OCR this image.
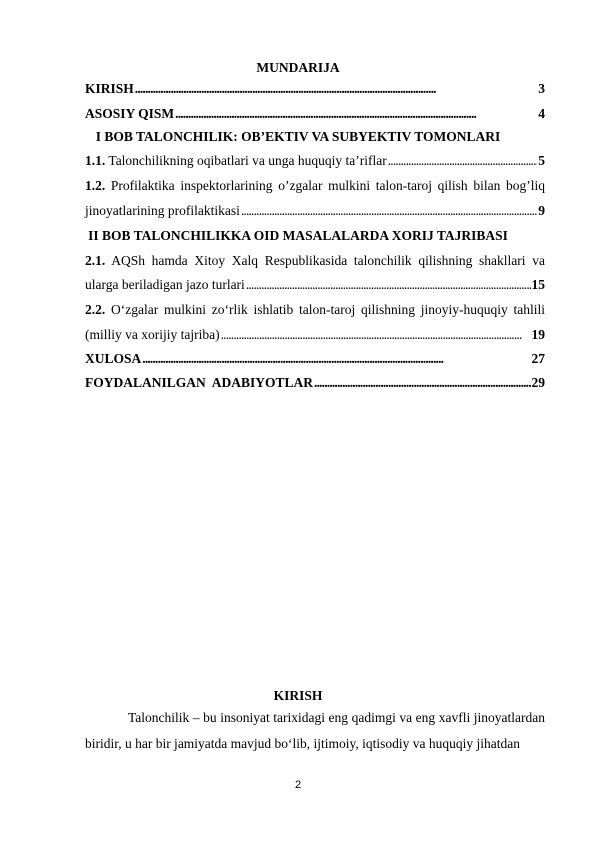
MUNDARIJA
KIRISH . . .	3
ASOSIY QISM . . .	4
I BOB TALONCHILIK: OB’EKTIV VA SUBYEKTIV TOMONLARI
1.1. Talonchilikning oqibatlari va unga huquqiy ta’riflar . . .	5
1.2. Profilaktika inspektorlarining o’zgalar mulkini talon-taroj qilish bilan bog’liq
jinoyatlarining profilaktikasi . . .	9
II BOB TALONCHILIKKA OID MASALALARDA XORIJ TAJRIBASI
2.1. AQSh hamda Xitoy Xalq Respublikasida talonchilik qilishning shakllari va
ularga beriladigan jazo turlari . . .	15
2.2. O‘zgalar mulkini zo‘rlik ishlatib talon-taroj qilishning jinoyiy-huquqiy tahlili
(milliy va xorijiy tajriba) . . .	19
XULOSA . . .	27
FOYDALANILGAN  ADABIYOTLAR . . .	29
KIRISH
Talonchilik – bu insoniyat tarixidagi eng qadimgi va eng xavfli jinoyatlardan biridir, u har bir jamiyatda mavjud bo‘lib, ijtimoiy, iqtisodiy va huquqiy jihatdan
2
